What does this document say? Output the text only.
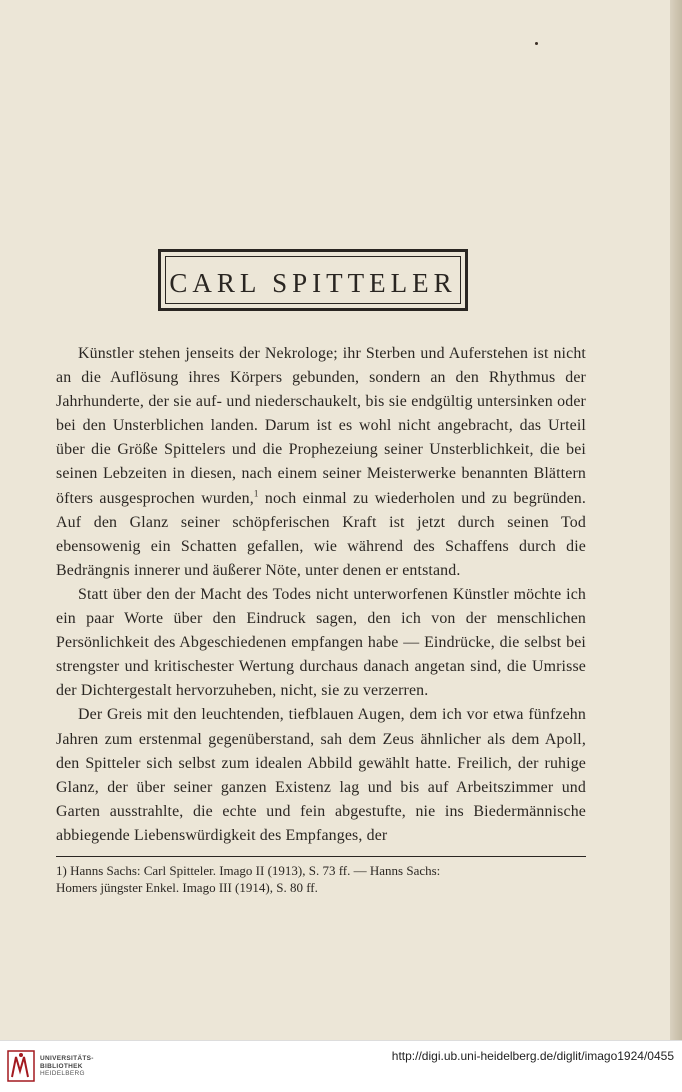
CARL SPITTELER

Künstler stehen jenseits der Nekrologe; ihr Sterben und Auferstehen ist nicht an die Auflösung ihres Körpers gebunden, sondern an den Rhythmus der Jahrhunderte, der sie auf- und niederschaukelt, bis sie endgültig untersinken oder bei den Unsterblichen landen. Darum ist es wohl nicht angebracht, das Urteil über die Größe Spittelers und die Prophezeiung seiner Unsterblichkeit, die bei seinen Lebzeiten in diesen, nach einem seiner Meisterwerke benannten Blättern öfters ausgesprochen wurden,$^1$ noch einmal zu wiederholen und zu begründen. Auf den Glanz seiner schöpferischen Kraft ist jetzt durch seinen Tod ebensowenig ein Schatten gefallen, wie während des Schaffens durch die Bedrängnis innerer und äußerer Nöte, unter denen er entstand.

Statt über den der Macht des Todes nicht unterworfenen Künstler möchte ich ein paar Worte über den Eindruck sagen, den ich von der menschlichen Persönlichkeit des Abgeschiedenen empfangen habe — Eindrücke, die selbst bei strengster und kritischester Wertung durchaus danach angetan sind, die Umrisse der Dichtergestalt hervorzuheben, nicht, sie zu verzerren.

Der Greis mit den leuchtenden, tiefblauen Augen, dem ich vor etwa fünfzehn Jahren zum erstenmal gegenüberstand, sah dem Zeus ähnlicher als dem Apoll, den Spitteler sich selbst zum idealen Abbild gewählt hatte. Freilich, der ruhige Glanz, der über seiner ganzen Existenz lag und bis auf Arbeitszimmer und Garten ausstrahlte, die echte und fein abgestufte, nie ins Biedermännische abbiegende Liebenswürdigkeit des Empfanges, der

1) Hanns Sachs: Carl Spitteler. Imago II (1913), S. 73 ff. — Hanns Sachs:

Homers jüngster Enkel. Imago III (1914), S. 80 ff.

UNIVERSITÄTS-
BIBLIOTHEK
HEIDELBERG
http://digi.ub.uni-heidelberg.de/diglit/imago1924/0455
